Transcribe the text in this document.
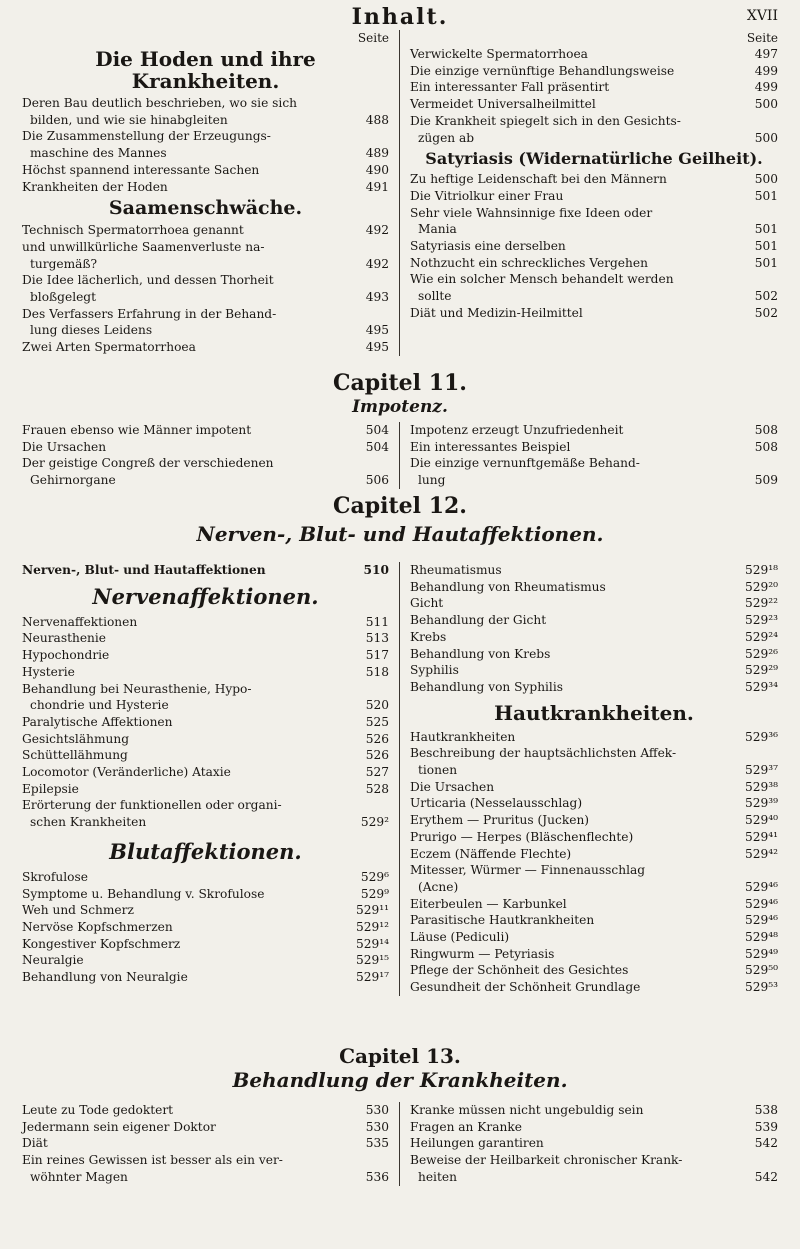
Inhalt.	XVII
Seite
Die Hoden und ihre Krankheiten.
Deren Bau deutlich beschrieben, wo sie sich
bilden, und wie sie hinabgleiten	488
Die Zusammenstellung der Erzeugungs-
maschine des Mannes	489
Höchst spannend interessante Sachen	490
Krankheiten der Hoden	491
Saamenschwäche.
Technisch Spermatorrhoea genannt	492
und unwillkürliche Saamenverluste na-
turgemäß?	492
Die Idee lächerlich, und dessen Thorheit
bloßgelegt	493
Des Verfassers Erfahrung in der Behand-
lung dieses Leidens	495
Zwei Arten Spermatorrhoea	495
Seite
Verwickelte Spermatorrhoea	497
Die einzige vernünftige Behandlungsweise	499
Ein interessanter Fall präsentirt	499
Vermeidet Universalheilmittel	500
Die Krankheit spiegelt sich in den Gesichts-
zügen ab	500
Satyriasis (Widernatürliche Geilheit).
Zu heftige Leidenschaft bei den Männern	500
Die Vitriolkur einer Frau	501
Sehr viele Wahnsinnige fixe Ideen oder
Mania	501
Satyriasis eine derselben	501
Nothzucht ein schreckliches Vergehen	501
Wie ein solcher Mensch behandelt werden
sollte	502
Diät und Medizin-Heilmittel	502
Capitel 11.
Impotenz.
Frauen ebenso wie Männer impotent	504
Die Ursachen	504
Der geistige Congreß der verschiedenen
Gehirnorgane	506
Impotenz erzeugt Unzufriedenheit	508
Ein interessantes Beispiel	508
Die einzige vernunftgemäße Behand-
lung	509
Capitel 12.
Nerven-, Blut- und Hautaffektionen.
Nerven-, Blut- und Hautaffektionen	510
Nervenaffektionen.
Nervenaffektionen	511
Neurasthenie	513
Hypochondrie	517
Hysterie	518
Behandlung bei Neurasthenie, Hypo-
chondrie und Hysterie	520
Paralytische Affektionen	525
Gesichtslähmung	526
Schüttellähmung	526
Locomotor (Veränderliche) Ataxie	527
Epilepsie	528
Erörterung der funktionellen oder organi-
schen Krankheiten	529²
Blutaffektionen.
Skrofulose	529⁶
Symptome u. Behandlung v. Skrofulose	529⁹
Weh und Schmerz	529¹¹
Nervöse Kopfschmerzen	529¹²
Kongestiver Kopfschmerz	529¹⁴
Neuralgie	529¹⁵
Behandlung von Neuralgie	529¹⁷
Rheumatismus	529¹⁸
Behandlung von Rheumatismus	529²⁰
Gicht	529²²
Behandlung der Gicht	529²³
Krebs	529²⁴
Behandlung von Krebs	529²⁶
Syphilis	529²⁹
Behandlung von Syphilis	529³⁴
Hautkrankheiten.
Hautkrankheiten	529³⁶
Beschreibung der hauptsächlichsten Affek-
tionen	529³⁷
Die Ursachen	529³⁸
Urticaria (Nesselausschlag)	529³⁹
Erythem — Pruritus (Jucken)	529⁴⁰
Prurigo — Herpes (Bläschenflechte)	529⁴¹
Eczem (Näffende Flechte)	529⁴²
Mitesser, Würmer — Finnenausschlag
(Acne)	529⁴⁶
Eiterbeulen — Karbunkel	529⁴⁶
Parasitische Hautkrankheiten	529⁴⁶
Läuse (Pediculi)	529⁴⁸
Ringwurm — Petyriasis	529⁴⁹
Pflege der Schönheit des Gesichtes	529⁵⁰
Gesundheit der Schönheit Grundlage	529⁵³
Capitel 13.
Behandlung der Krankheiten.
Leute zu Tode gedoktert	530
Jedermann sein eigener Doktor	530
Diät	535
Ein reines Gewissen ist besser als ein ver-
wöhnter Magen	536
Kranke müssen nicht ungebuldig sein	538
Fragen an Kranke	539
Heilungen garantiren	542
Beweise der Heilbarkeit chronischer Krank-
heiten	542
